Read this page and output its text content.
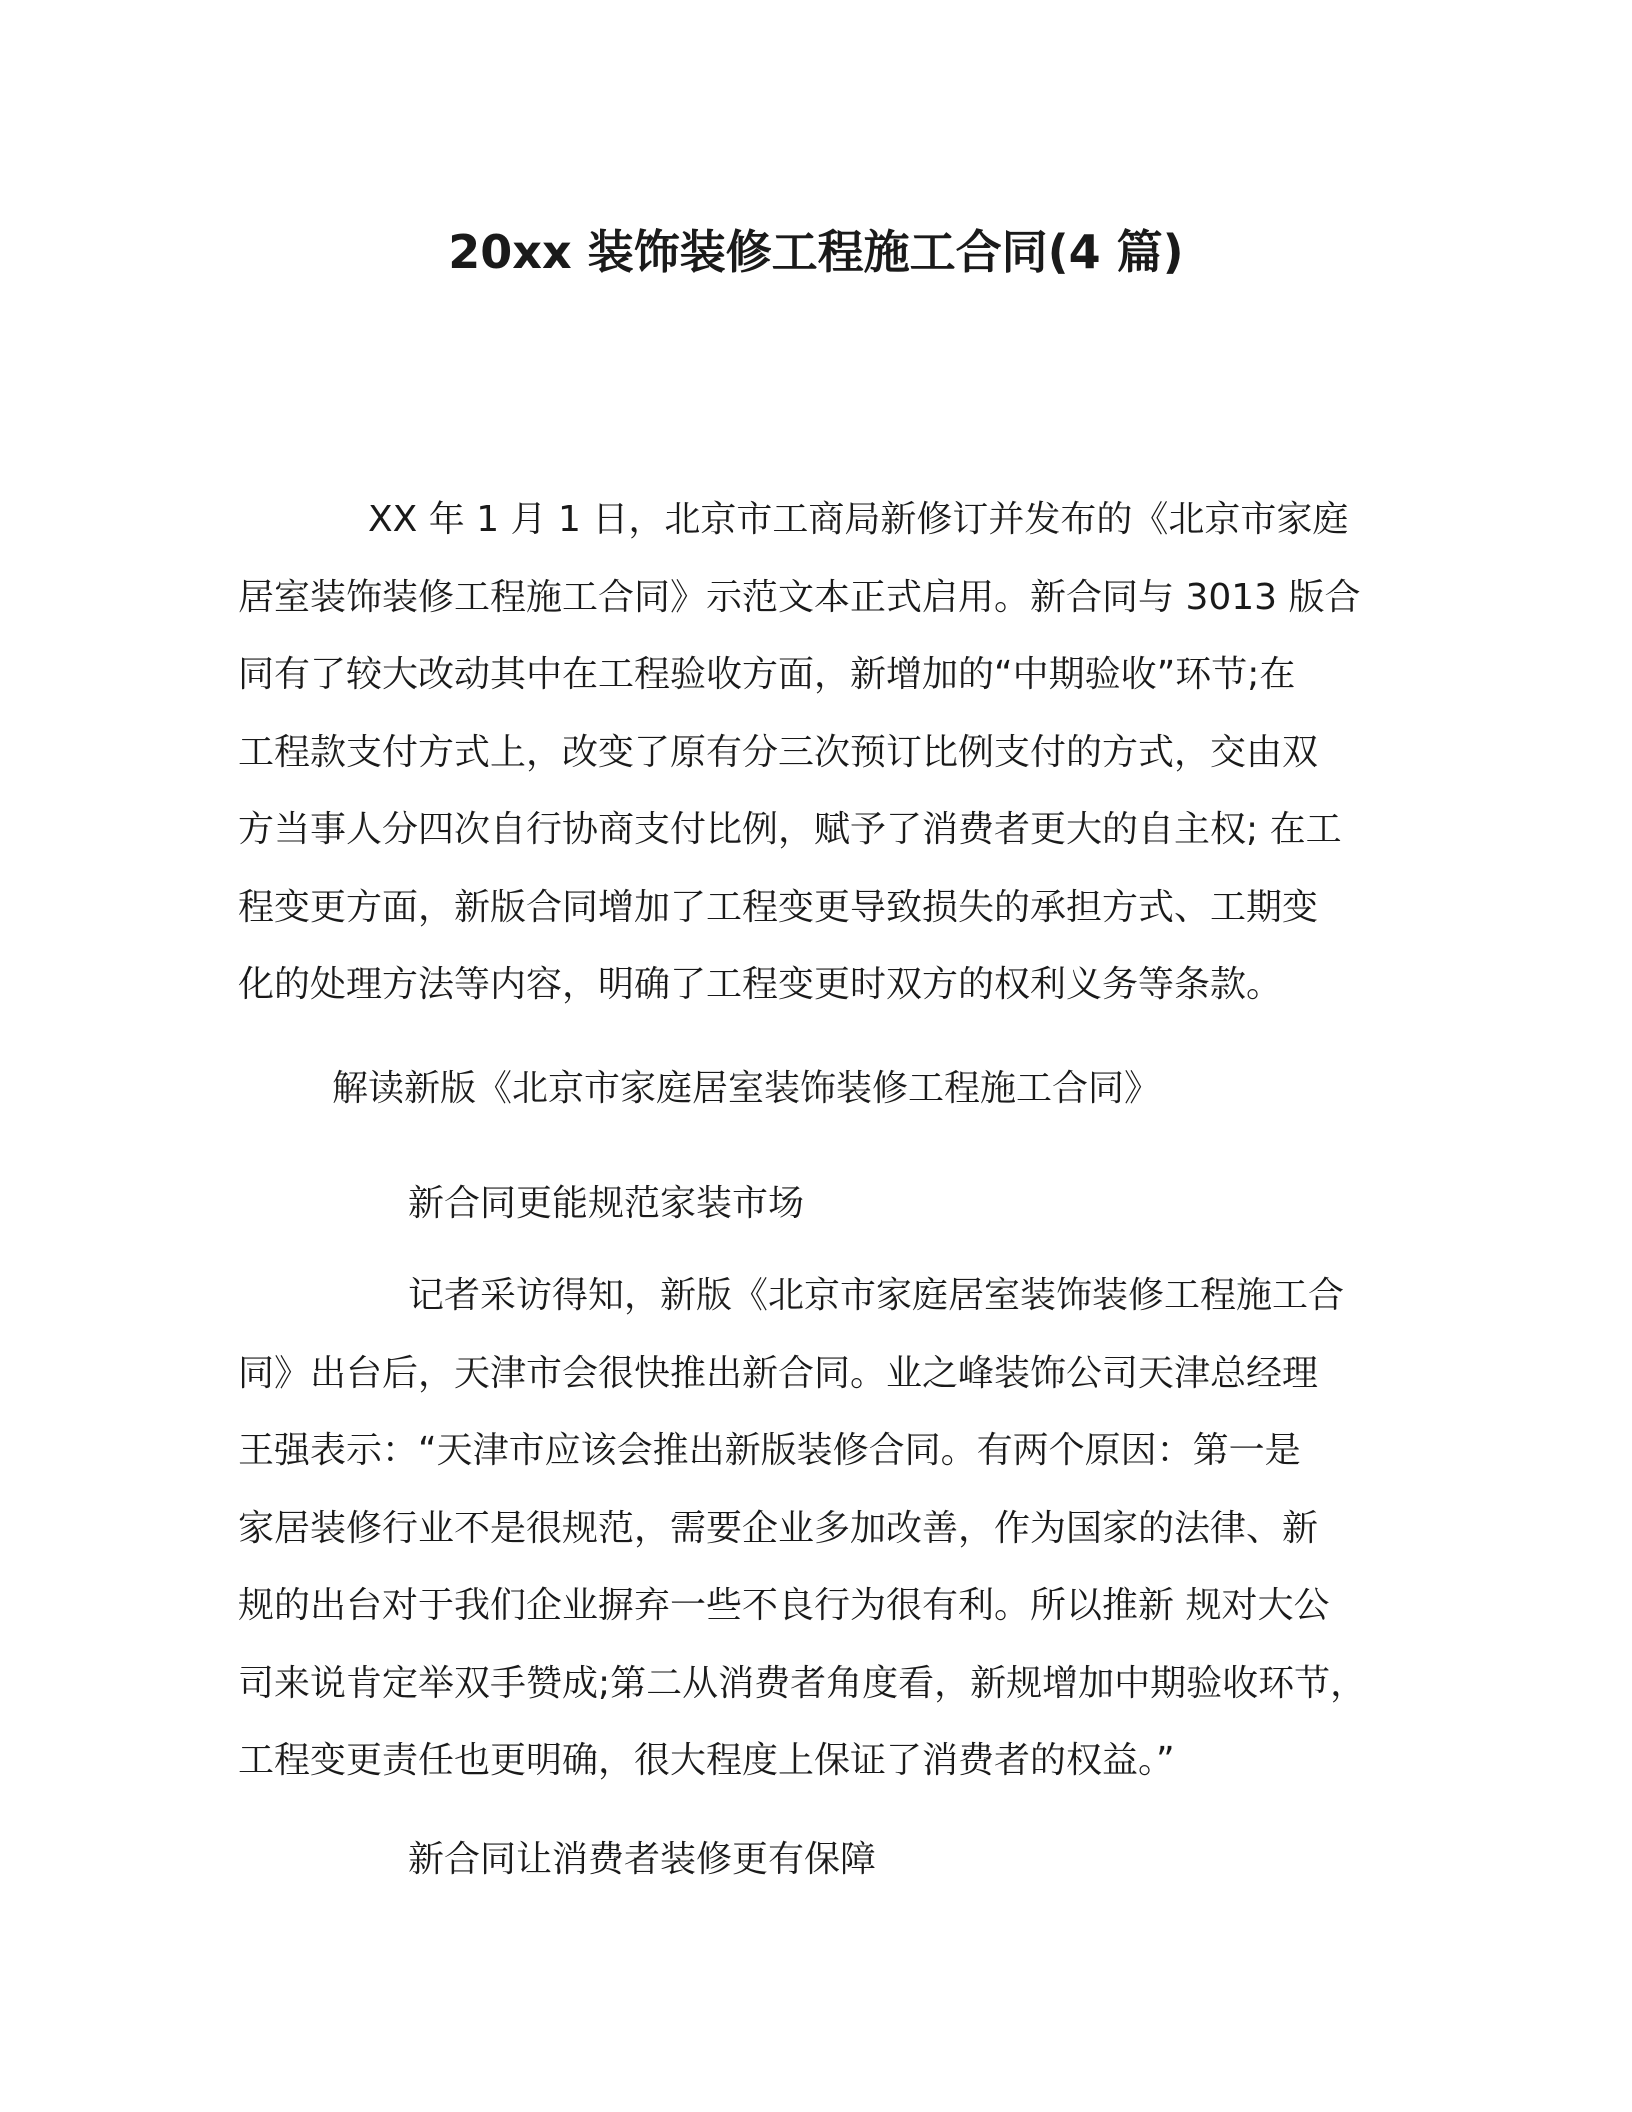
20xx 装饰装修工程施工合同(4 篇)
XX 年 1 月 1 日，北京市工商局新修订并发布的《北京市家庭
居室装饰装修工程施工合同》示范文本正式启用。新合同与 3013 版合
同有了较大改动其中在工程验收方面，新增加的“中期验收”环节;在
工程款支付方式上，改变了原有分三次预订比例支付的方式，交由双
方当事人分四次自行协商支付比例，赋予了消费者更大的自主权; 在工
程变更方面，新版合同增加了工程变更导致损失的承担方式、工期变
化的处理方法等内容，明确了工程变更时双方的权利义务等条款。
解读新版《北京市家庭居室装饰装修工程施工合同》
新合同更能规范家装市场
记者采访得知，新版《北京市家庭居室装饰装修工程施工合
同》出台后，天津市会很快推出新合同。业之峰装饰公司天津总经理
王强表示：“天津市应该会推出新版装修合同。有两个原因：第一是
家居装修行业不是很规范，需要企业多加改善，作为国家的法律、新
规的出台对于我们企业摒弃一些不良行为很有利。所以推新 规对大公
司来说肯定举双手赞成;第二从消费者角度看，新规增加中期验收环节，
工程变更责任也更明确，很大程度上保证了消费者的权益。”
新合同让消费者装修更有保障
